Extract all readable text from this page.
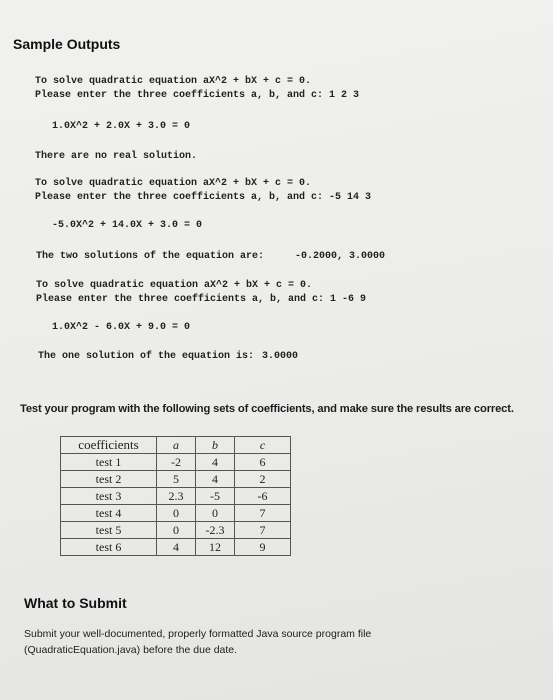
Sample Outputs
To solve quadratic equation aX^2 + bX + c = 0.
Please enter the three coefficients a, b, and c: 1 2 3
1.0X^2 + 2.0X + 3.0 = 0
There are no real solution.
To solve quadratic equation aX^2 + bX + c = 0.
Please enter the three coefficients a, b, and c: -5 14 3
-5.0X^2 + 14.0X + 3.0 = 0
The two solutions of the equation are:	-0.2000, 3.0000
To solve quadratic equation aX^2 + bX + c = 0.
Please enter the three coefficients a, b, and c: 1 -6 9
1.0X^2 - 6.0X + 9.0 = 0
The one solution of the equation is: 3.0000
Test your program with the following sets of coefficients, and make sure the results are correct.
coefficients	a	b	c
test 1	-2	4	6
test 2	5	4	2
test 3	2.3	-5	-6
test 4	0	0	7
test 5	0	-2.3	7
test 6	4	12	9
What to Submit
Submit your well-documented, properly formatted Java source program file
(QuadraticEquation.java) before the due date.
